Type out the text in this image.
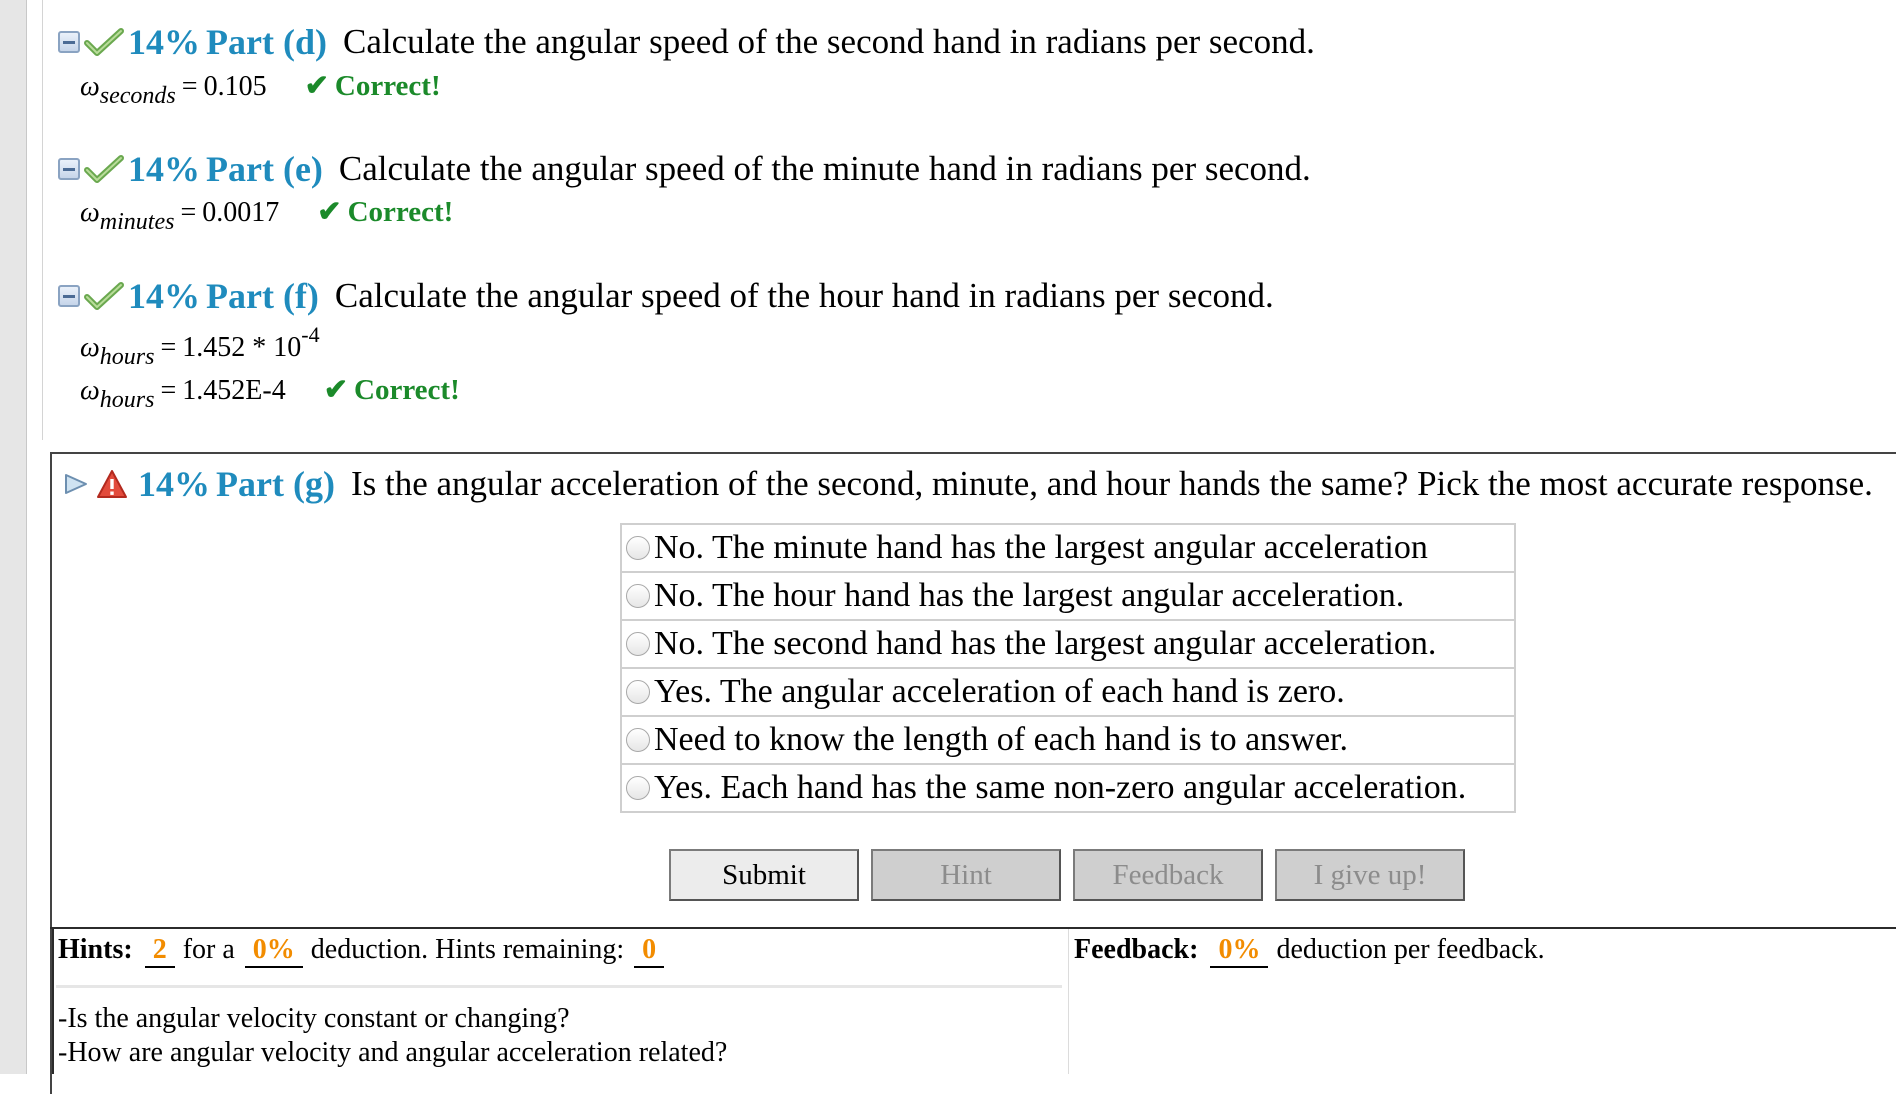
14% Part (d) Calculate the angular speed of the second hand in radians per second.
$\omega_{seconds} = 0.105$ ✔ Correct!
14% Part (e) Calculate the angular speed of the minute hand in radians per second.
$\omega_{minutes} = 0.0017$ ✔ Correct!
14% Part (f) Calculate the angular speed of the hour hand in radians per second.
$\omega_{hours} = 1.452 * 10^{-4}$
$\omega_{hours} = 1.452E-4$ ✔ Correct!
14% Part (g) Is the angular acceleration of the second, minute, and hour hands the same? Pick the most accurate response.
No. The minute hand has the largest angular acceleration
No. The hour hand has the largest angular acceleration.
No. The second hand has the largest angular acceleration.
Yes. The angular acceleration of each hand is zero.
Need to know the length of each hand is to answer.
Yes. Each hand has the same non-zero angular acceleration.
Submit	Hint	Feedback	I give up!
Hints: 2 for a 0% deduction. Hints remaining: 0
-Is the angular velocity constant or changing?
-How are angular velocity and angular acceleration related?
Feedback: 0% deduction per feedback.
